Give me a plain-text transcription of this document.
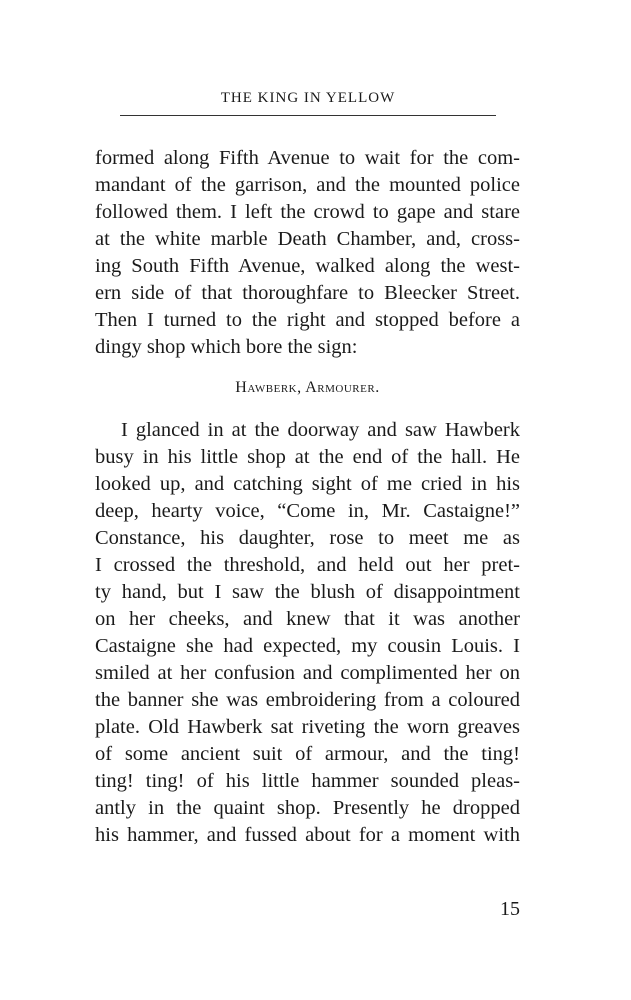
THE KING IN YELLOW
formed along Fifth Avenue to wait for the com-
mandant of the garrison, and the mounted police
followed them. I left the crowd to gape and stare
at the white marble Death Chamber, and, cross-
ing South Fifth Avenue, walked along the west-
ern side of that thoroughfare to Bleecker Street.
Then I turned to the right and stopped before a
dingy shop which bore the sign:
Hawberk, Armourer.
I glanced in at the doorway and saw Hawberk
busy in his little shop at the end of the hall. He
looked up, and catching sight of me cried in his
deep, hearty voice, “Come in, Mr. Castaigne!”
Constance, his daughter, rose to meet me as
I crossed the threshold, and held out her pret-
ty hand, but I saw the blush of disappointment
on her cheeks, and knew that it was another
Castaigne she had expected, my cousin Louis. I
smiled at her confusion and complimented her on
the banner she was embroidering from a coloured
plate. Old Hawberk sat riveting the worn greaves
of some ancient suit of armour, and the ting!
ting! ting! of his little hammer sounded pleas-
antly in the quaint shop. Presently he dropped
his hammer, and fussed about for a moment with
15
